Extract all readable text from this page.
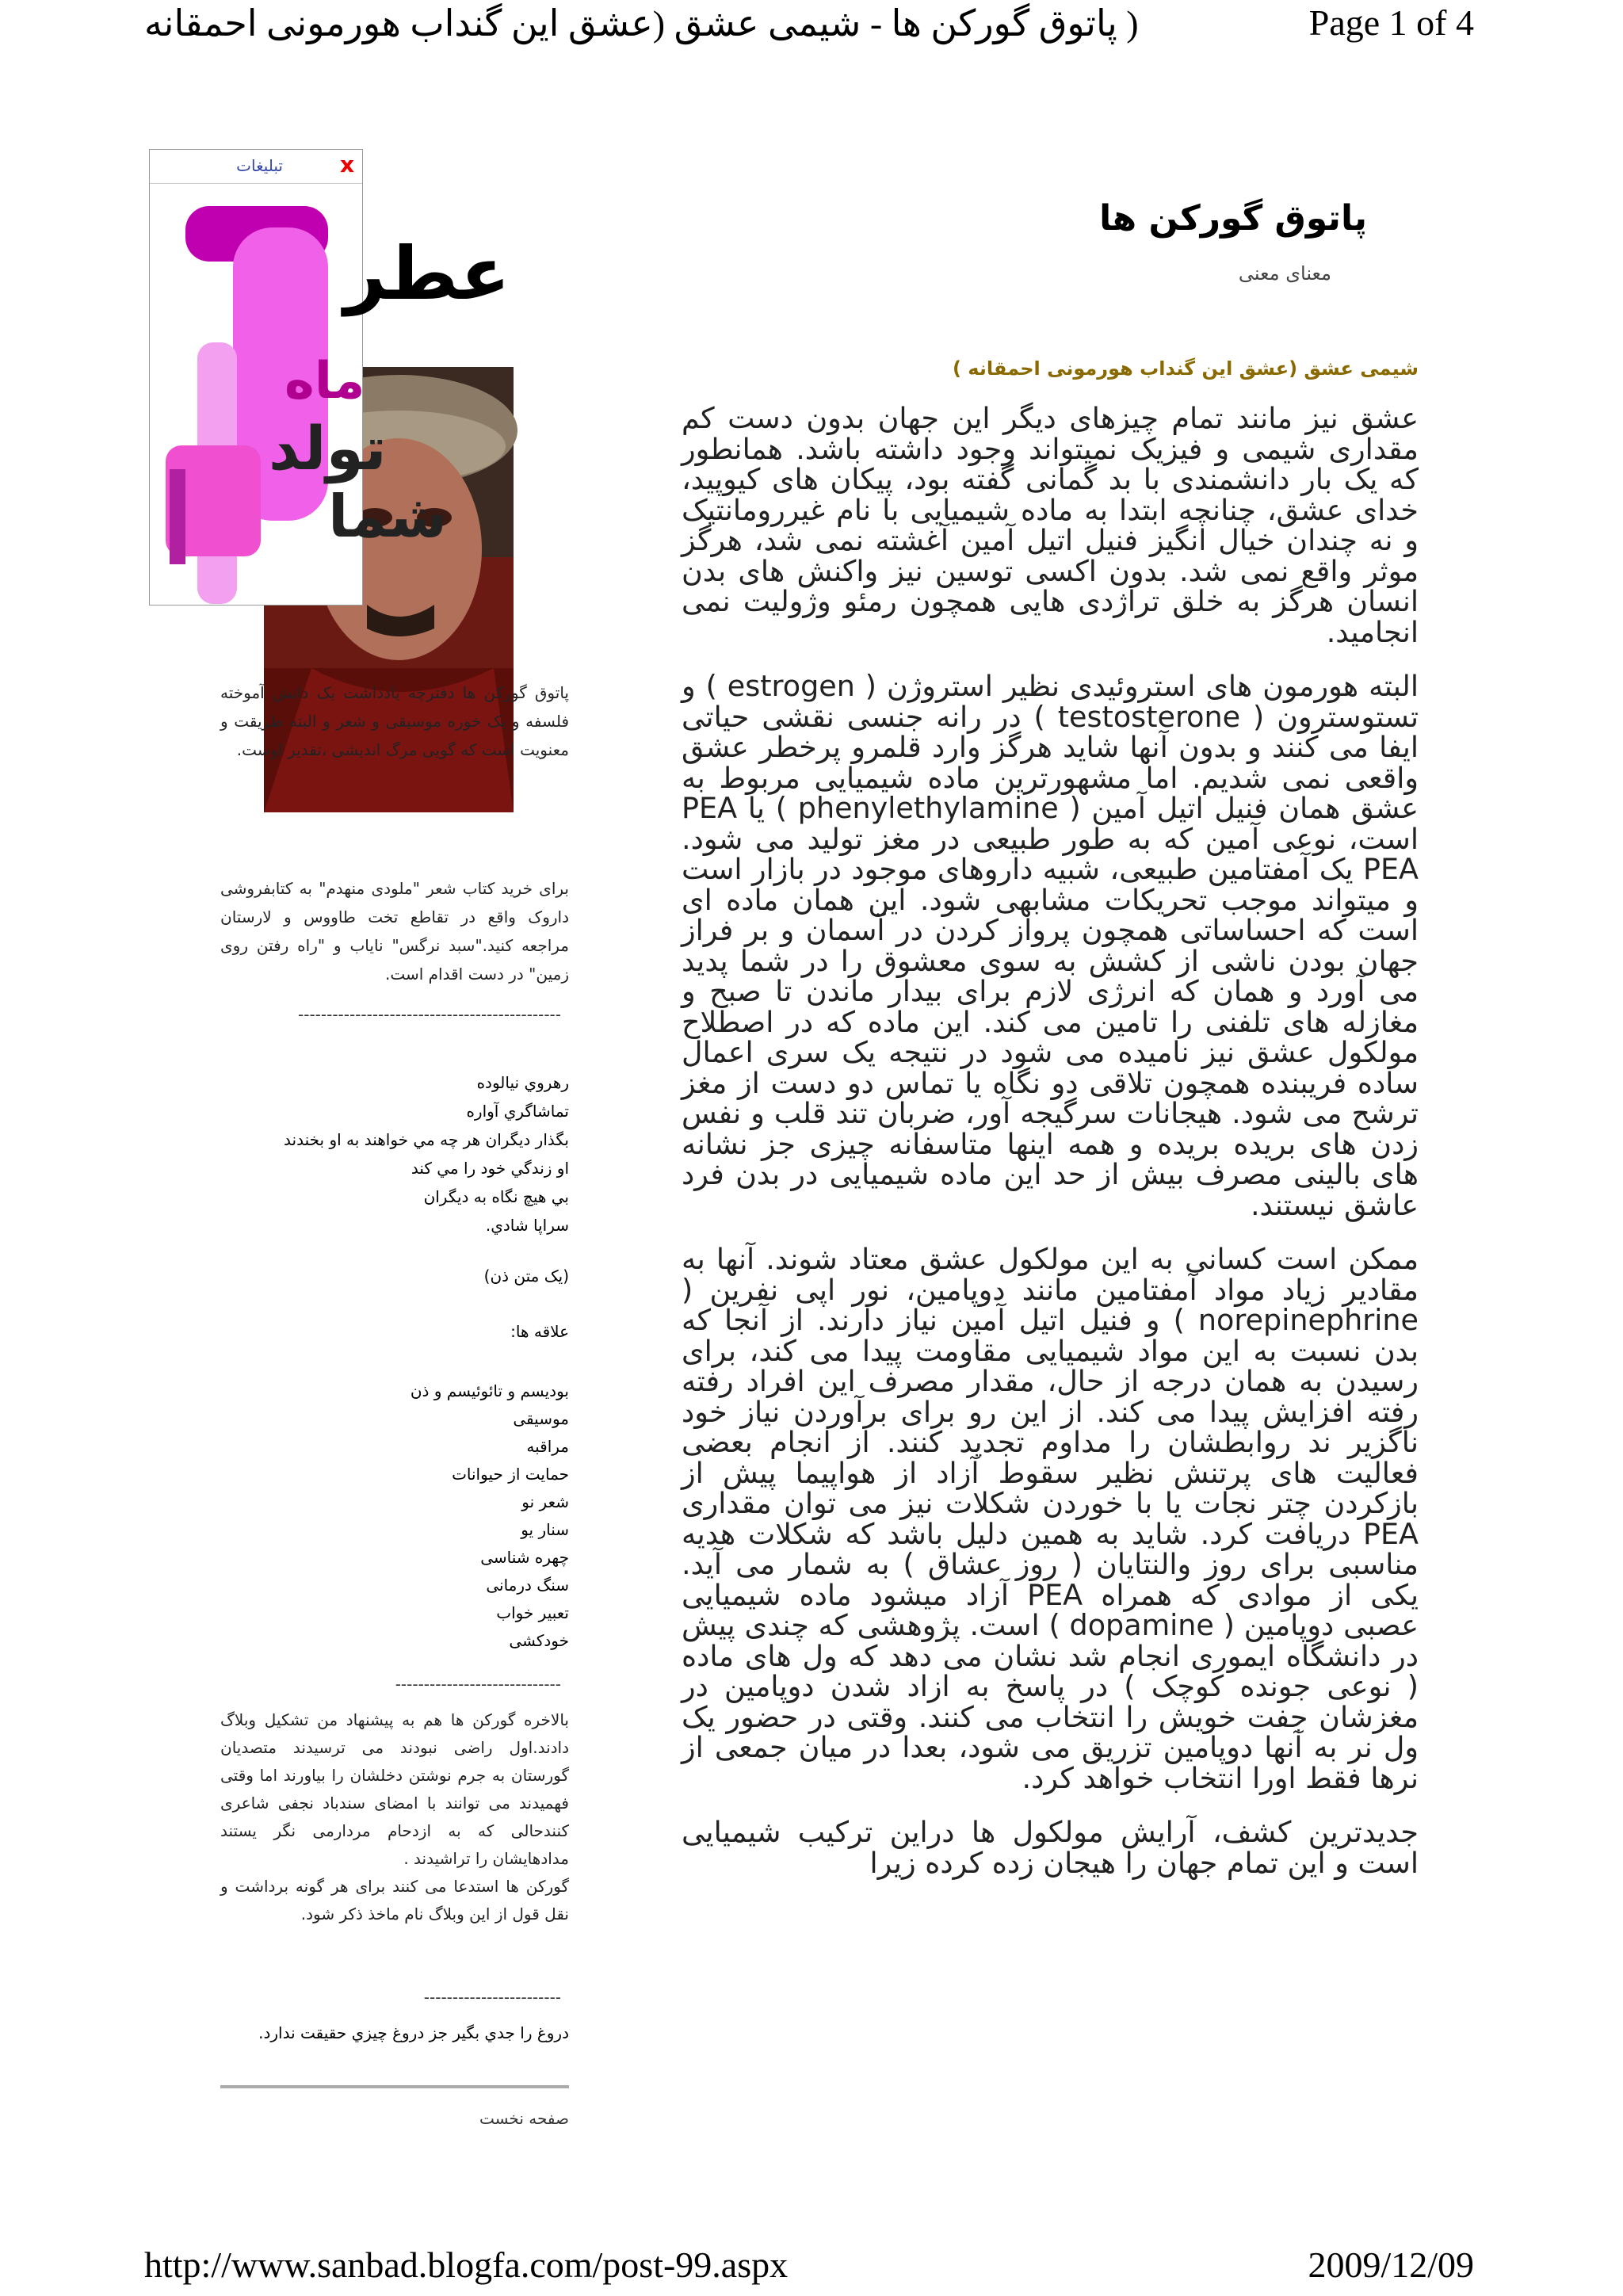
( پاتوق گورکن ها - شیمی عشق (عشق این گنداب هورمونی احمقانه	Page 1 of 4
تبلیغات	x
عطر
ماه
تولد
شما
پاتوق گورکن ها دفترچه یادداشت یک دانش آموخته فلسفه و یک خوره موسیقی و شعر و البته طریقت و معنویت است که گویی مرگ اندیشی ،تقدیر اوست.
برای خرید کتاب شعر "ملودی منهدم" به کتابفروشی داروک واقع در تقاطع تخت طاووس و لارستان مراجعه کنید."سبد نرگس" نایاب و "راه رفتن روی زمین" در دست اقدام است.
----------------------------------------------
رهروي نيالوده
تماشاگري آواره
بگذار ديگران هر چه مي خواهند به او بخندند
او زندگي خود را مي كند
بي هيچ نگاه به ديگران
سراپا شادي.
(یک متن ذن)
علاقه ها:
بودیسم و تائوئیسم و ذن
موسیقی
مراقبه
حمایت از حیوانات
شعر نو
سنار یو
چهره شناسی
سنگ درمانی
تعبیر خواب
خودکشی
-----------------------------
بالاخره گورکن ها هم به پیشنهاد من تشکیل وبلاگ دادند.اول راضی نبودند می ترسیدند متصدیان گورستان به جرم نوشتن دخلشان را بیاورند اما وقتی فهمیدند می توانند با امضای سندباد نجفی شاعری کنندحالی که به ازدحام مردارمی نگر یستند مدادهایشان را تراشیدند .
گورکن ها استدعا می کنند برای هر گونه برداشت و نقل قول از این وبلاگ نام ماخذ ذکر شود.
------------------------
دروغ را جدي بگير جز دروغ چيزي حقيقت ندارد.
صفحه نخست
پاتوق گورکن ها
معنای معنی
شیمی عشق (عشق این گنداب هورمونی احمقانه )

عشق نیز مانند تمام چیزهای دیگر این جهان بدون دست کم مقداری شیمی و فیزیک نمیتواند وجود داشته باشد. همانطور که یک بار دانشمندی با بد گمانی گفته بود، پیکان های کیوپید، خدای عشق، چنانچه ابتدا به ماده شیمیایی با نام غیررومانتیک و نه چندان خیال انگیز فنیل اتیل آمین آغشته نمی شد، هرگز موثر واقع نمی شد. بدون اکسی توسین نیز واکنش های بدن انسان هرگز به خلق تراژدی هایی همچون رمئو وژولیت نمی انجامید.

البته هورمون های استروئیدی نظیر استروژن ( estrogen ) و تستوسترون ( testosterone ) در رانه جنسی نقشی حیاتی ایفا می کنند و بدون آنها شاید هرگز وارد قلمرو پرخطر عشق واقعی نمی شدیم. اما مشهورترین ماده شیمیایی مربوط به عشق همان فنیل اتیل آمین ( phenylethylamine ) یا PEA است، نوعی آمین که به طور طبیعی در مغز تولید می شود. PEA یک آمفتامین طبیعی، شبیه داروهای موجود در بازار است و میتواند موجب تحریکات مشابهی شود. این همان ماده ای است که احساساتی همچون پرواز کردن در آسمان و بر فراز جهان بودن ناشی از کشش به سوی معشوق را در شما پدید می آورد و همان که انرژی لازم برای بیدار ماندن تا صبح و مغازله های تلفنی را تامین می کند. این ماده که در اصطلاح مولکول عشق نیز نامیده می شود در نتیجه یک سری اعمال ساده فریبنده همچون تلاقی دو نگاه یا تماس دو دست از مغز ترشح می شود. هیجانات سرگیجه آور، ضربان تند قلب و نفس زدن های بریده بریده و همه اینها متاسفانه چیزی جز نشانه های بالینی مصرف بیش از حد این ماده شیمیایی در بدن فرد عاشق نیستند.

ممکن است کسانی به این مولکول عشق معتاد شوند. آنها به مقادیر زیاد مواد آمفتامین مانند دوپامین، نور اپی نفرین ( norepinephrine ) و فنیل اتیل آمین نیاز دارند. از آنجا که بدن نسبت به این مواد شیمیایی مقاومت پیدا می کند، برای رسیدن به همان درجه از حال، مقدار مصرف این افراد رفته رفته افزایش پیدا می کند. از این رو برای برآوردن نیاز خود ناگزیر ند روابطشان را مداوم تجدید کنند. از انجام بعضی فعالیت های پرتنش نظیر سقوط آزاد از هواپیما پیش از بازکردن چتر نجات یا با خوردن شکلات نیز می توان مقداری PEA دریافت کرد. شاید به همین دلیل باشد که شکلات هدیه مناسبی برای روز والنتایان ( روز عشاق ) به شمار می آید. یکی از موادی که همراه PEA آزاد میشود ماده شیمیایی عصبی دوپامین ( dopamine ) است. پژوهشی که چندی پیش در دانشگاه ایموری انجام شد نشان می دهد که ول های ماده ( نوعی جونده کوچک ) در پاسخ به ازاد شدن دوپامین در مغزشان جفت خویش را انتخاب می کنند. وقتی در حضور یک ول نر به آنها دوپامین تزریق می شود، بعدا در میان جمعی از نرها فقط اورا انتخاب خواهد کرد.

جدیدترین کشف، آرایش مولکول ها دراین ترکیب شیمیایی است و این تمام جهان را هیجان زده کرده زیرا

http://www.sanbad.blogfa.com/post-99.aspx	2009/12/09
